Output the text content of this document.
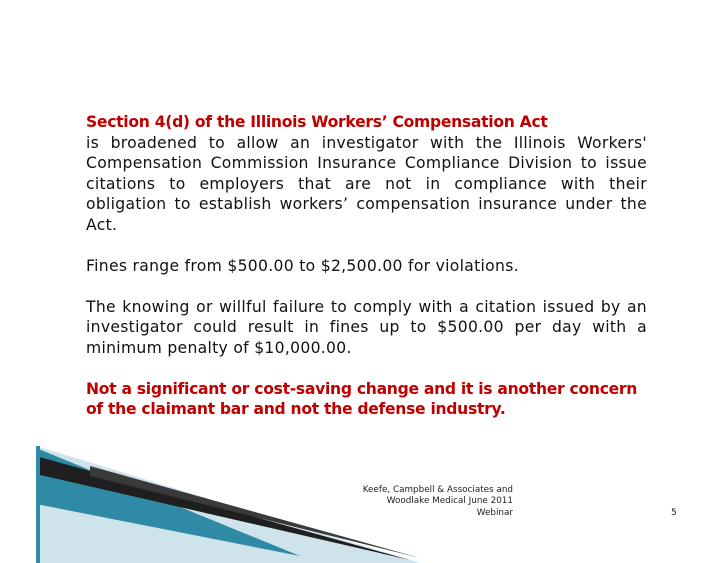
Section 4(d) of the Illinois Workers’ Compensation Act

is broadened to allow an investigator with the Illinois Workers' Compensation Commission Insurance Compliance Division to issue citations to employers that are not in compliance with their obligation to establish workers’ compensation insurance under the Act.

Fines range from $500.00 to $2,500.00 for violations.

The knowing or willful failure to comply with a citation issued by an investigator could result in fines up to $500.00 per day with a minimum penalty of $10,000.00.

Not a significant or cost-saving change and it is another concern of the claimant bar and not the defense industry.

Keefe, Campbell & Associates and
Woodlake Medical June 2011
Webinar	5
